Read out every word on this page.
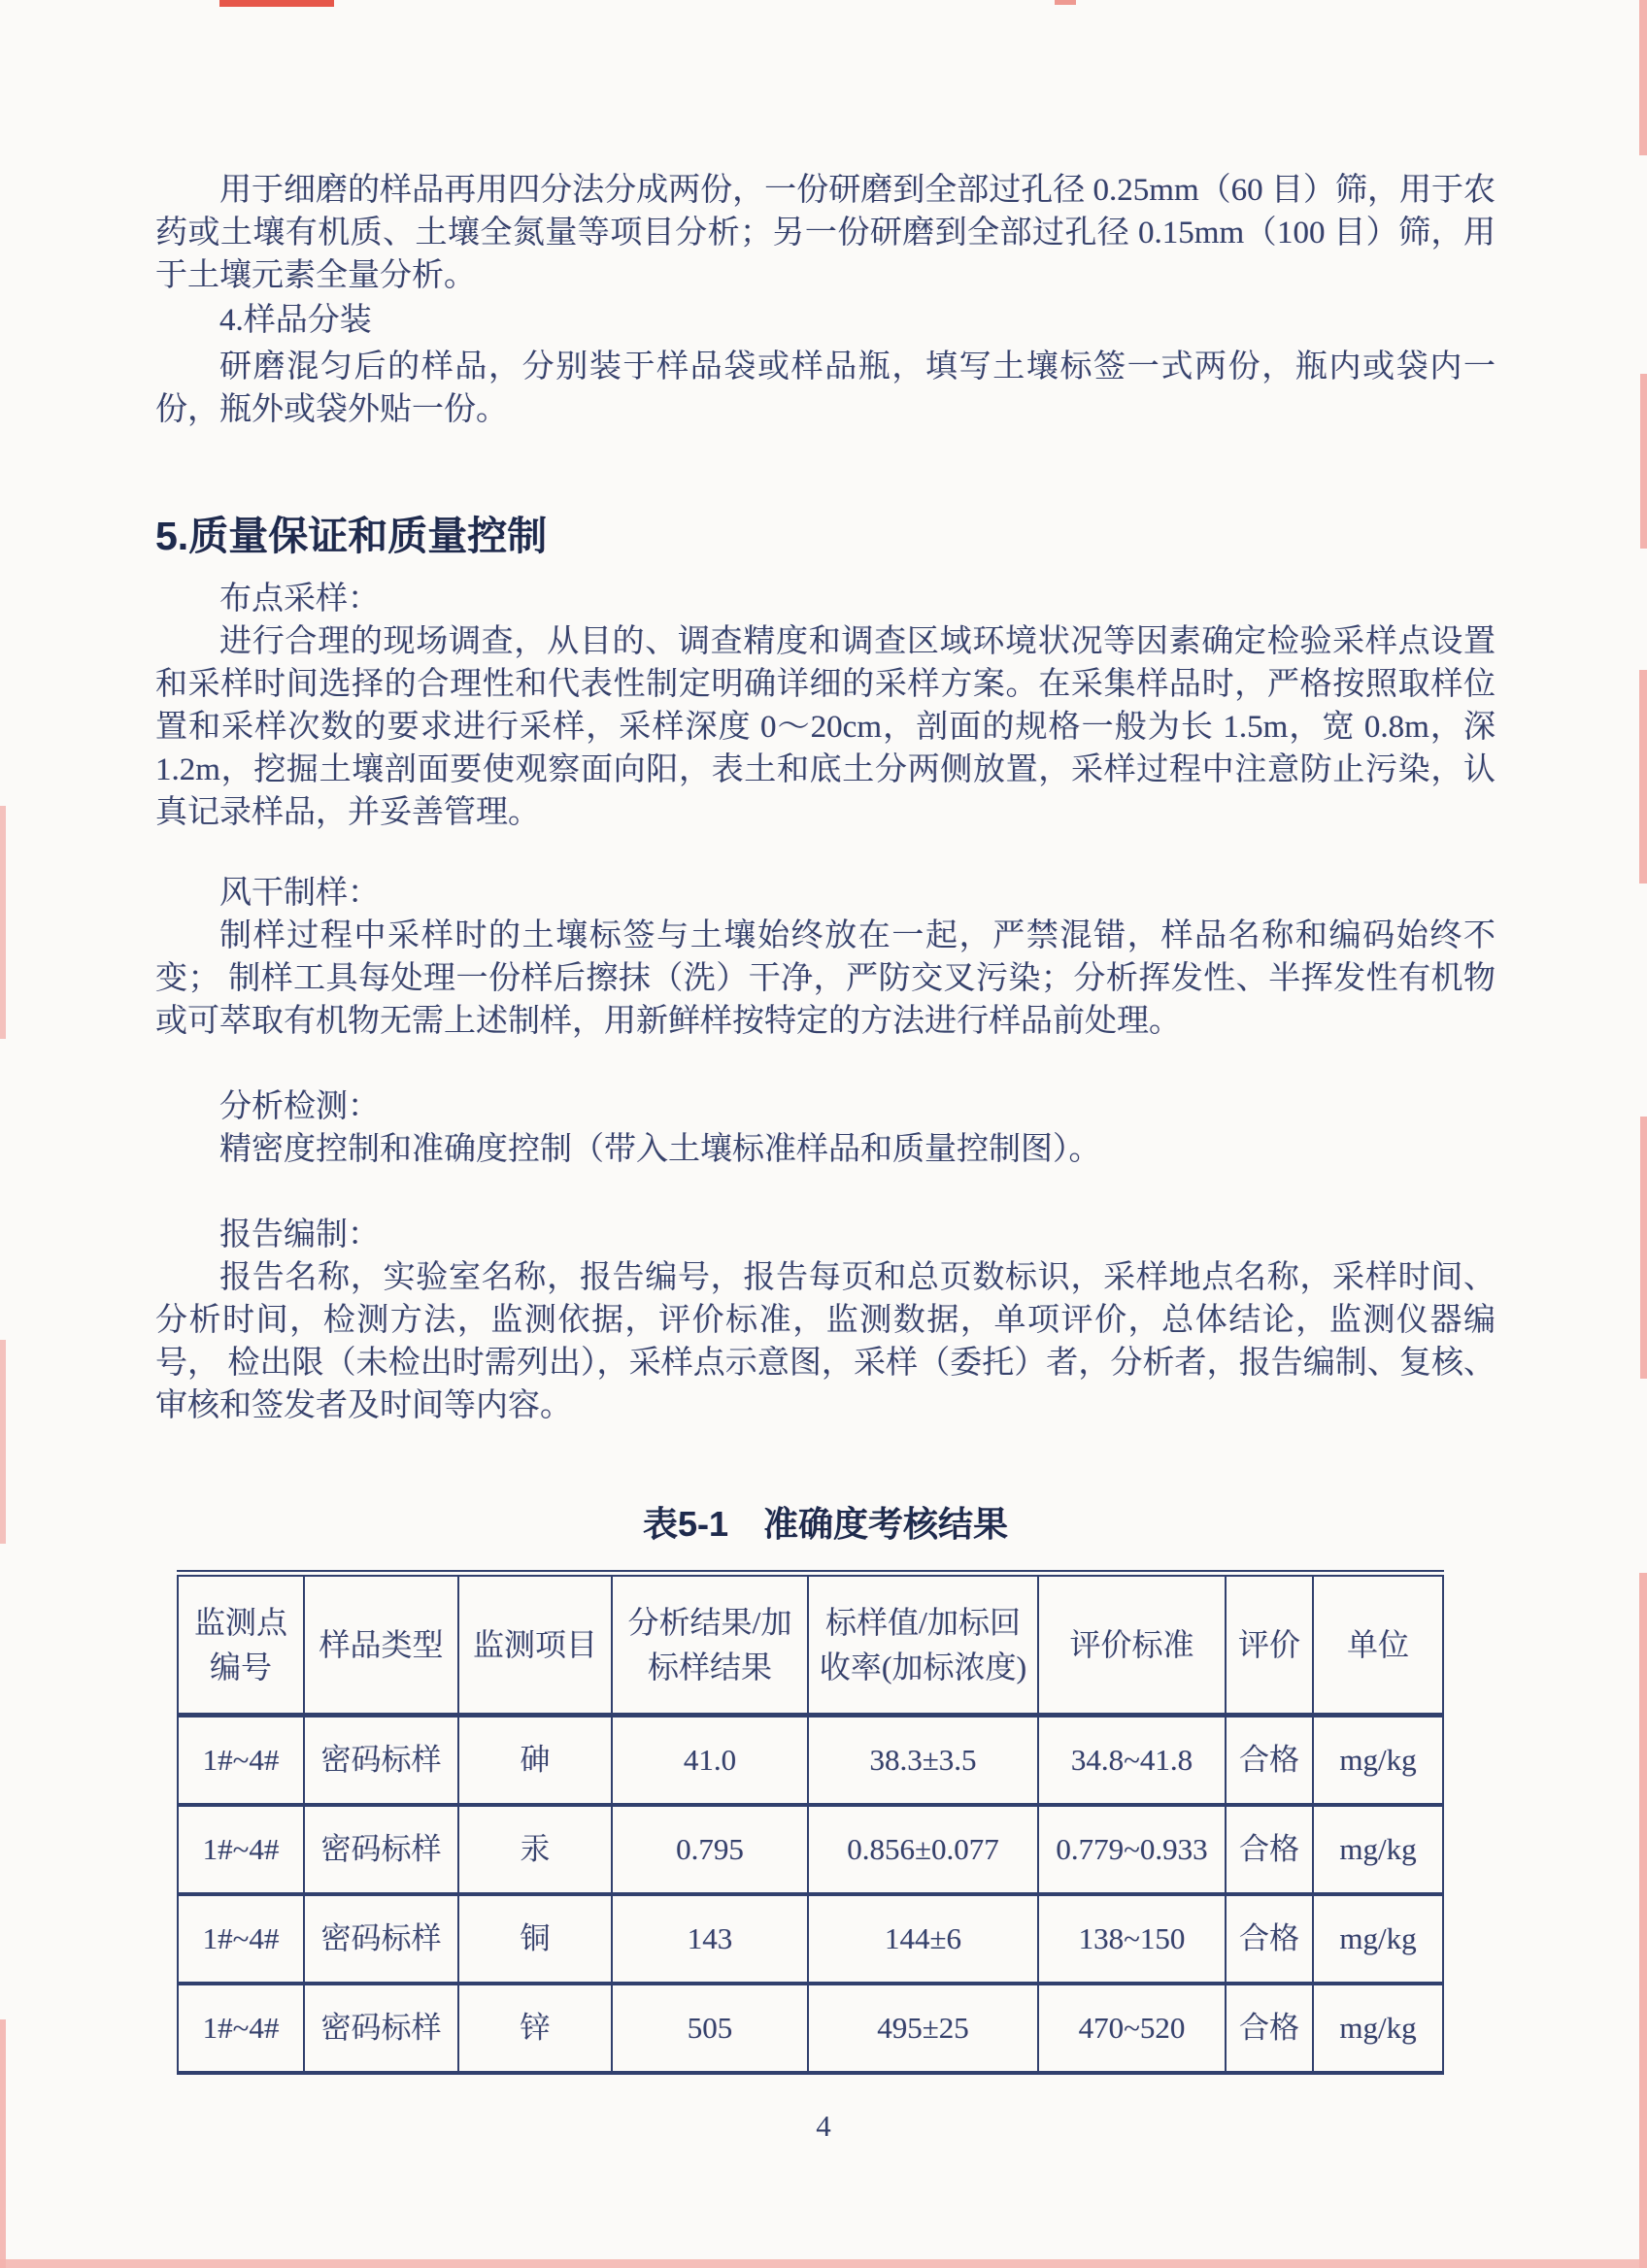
用于细磨的样品再用四分法分成两份，一份研磨到全部过孔径 0.25mm（60 目）筛，用于农药或土壤有机质、土壤全氮量等项目分析；另一份研磨到全部过孔径 0.15mm（100 目）筛，用于土壤元素全量分析。

4.样品分装

研磨混匀后的样品，分别装于样品袋或样品瓶，填写土壤标签一式两份，瓶内或袋内一份，瓶外或袋外贴一份。

5.质量保证和质量控制

布点采样：

进行合理的现场调查，从目的、调查精度和调查区域环境状况等因素确定检验采样点设置和采样时间选择的合理性和代表性制定明确详细的采样方案。在采集样品时，严格按照取样位置和采样次数的要求进行采样，采样深度 0～20cm，剖面的规格一般为长 1.5m，宽 0.8m，深 1.2m，挖掘土壤剖面要使观察面向阳，表土和底土分两侧放置，采样过程中注意防止污染，认真记录样品，并妥善管理。

风干制样：

制样过程中采样时的土壤标签与土壤始终放在一起，严禁混错，样品名称和编码始终不变； 制样工具每处理一份样后擦抹（洗）干净，严防交叉污染；分析挥发性、半挥发性有机物或可萃取有机物无需上述制样，用新鲜样按特定的方法进行样品前处理。

分析检测：

精密度控制和准确度控制（带入土壤标准样品和质量控制图）。

报告编制：

报告名称，实验室名称，报告编号，报告每页和总页数标识，采样地点名称，采样时间、分析时间，检测方法，监测依据，评价标准，监测数据，单项评价，总体结论，监测仪器编号， 检出限（未检出时需列出），采样点示意图，采样（委托）者，分析者，报告编制、复核、审核和签发者及时间等内容。

表5-1　准确度考核结果

监测点编号	样品类型	监测项目	分析结果/加标样结果	标样值/加标回收率(加标浓度)	评价标准	评价	单位
1#~4#	密码标样	砷	41.0	38.3±3.5	34.8~41.8	合格	mg/kg
1#~4#	密码标样	汞	0.795	0.856±0.077	0.779~0.933	合格	mg/kg
1#~4#	密码标样	铜	143	144±6	138~150	合格	mg/kg
1#~4#	密码标样	锌	505	495±25	470~520	合格	mg/kg
4
